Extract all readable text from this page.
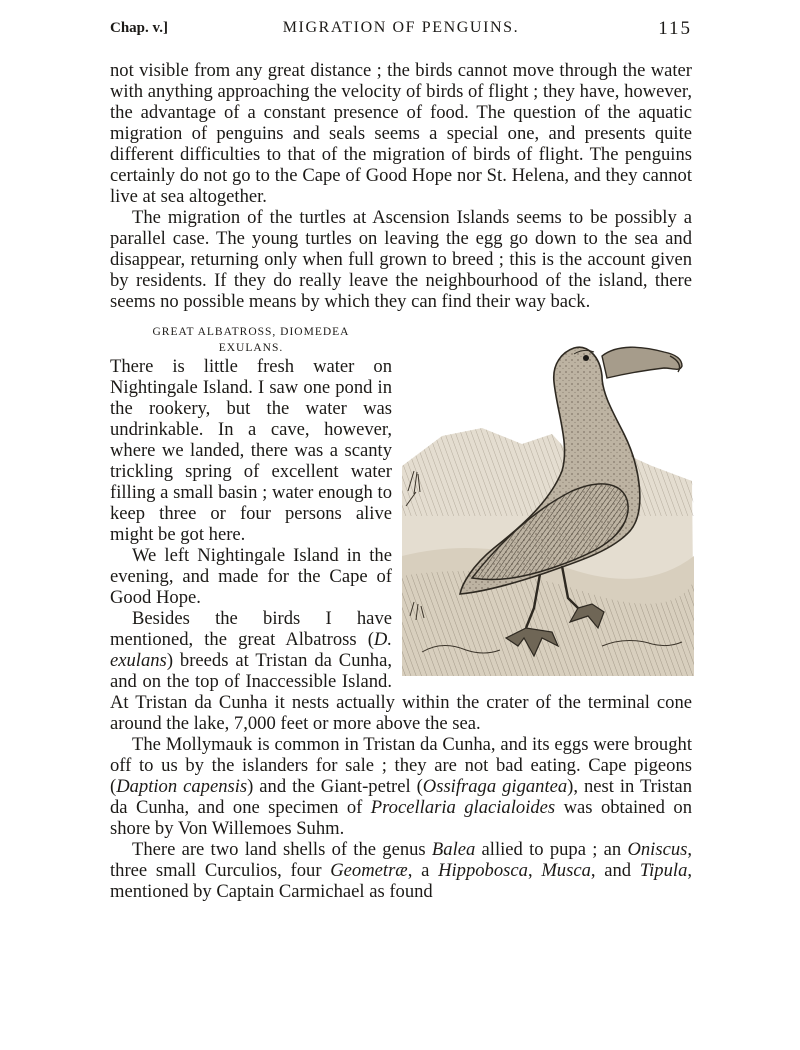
Chap. v.]	MIGRATION OF PENGUINS.	115

not visible from any great distance ; the birds cannot move through the water with anything approaching the velocity of birds of flight ; they have, however, the advantage of a constant presence of food. The question of the aquatic migration of penguins and seals seems a special one, and presents quite different difficulties to that of the migration of birds of flight. The penguins certainly do not go to the Cape of Good Hope nor St. Helena, and they cannot live at sea altogether.

The migration of the turtles at Ascension Islands seems to be possibly a parallel case. The young turtles on leaving the egg go down to the sea and disappear, returning only when full grown to breed ; this is the account given by residents. If they do really leave the neighbourhood of the island, there seems no possible means by which they can find their way back.

GREAT ALBATROSS, DIOMEDEA
EXULANS.
There is little fresh water on Nightingale Island. I saw one pond in the rookery, but the water was undrinkable. In a cave, however, where we landed, there was a scanty trickling spring of excellent water filling a small basin ; water enough to keep three or four persons alive might be got here.

We left Nightingale Island in the evening, and made for the Cape of Good Hope.

Besides the birds I have mentioned, the great Albatross (D. exulans) breeds at Tristan da Cunha, and on the top of Inaccessible Island. At Tristan da Cunha it nests actually within the crater of the terminal cone around the lake, 7,000 feet or more above the sea.

The Mollymauk is common in Tristan da Cunha, and its eggs were brought off to us by the islanders for sale ; they are not bad eating. Cape pigeons (Daption capensis) and the Giant-petrel (Ossifraga gigantea), nest in Tristan da Cunha, and one specimen of Procellaria glacialoides was obtained on shore by Von Willemoes Suhm.

There are two land shells of the genus Balea allied to pupa ; an Oniscus, three small Curculios, four Geometræ, a Hippobosca, Musca, and Tipula, mentioned by Captain Carmichael as found
